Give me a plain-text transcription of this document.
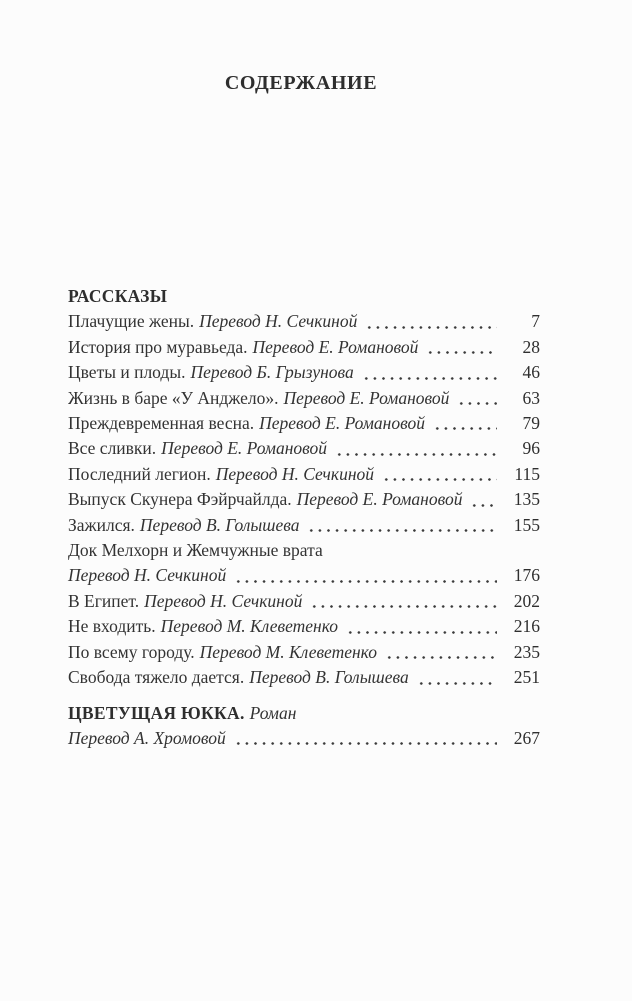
СОДЕРЖАНИЕ
РАССКАЗЫ
Плачущие жены. Перевод Н. Сечкиной	7
История про муравьеда. Перевод Е. Романовой	28
Цветы и плоды. Перевод Б. Грызунова	46
Жизнь в баре «У Анджело». Перевод Е. Романовой	63
Преждевременная весна. Перевод Е. Романовой	79
Все сливки. Перевод Е. Романовой	96
Последний легион. Перевод Н. Сечкиной	115
Выпуск Скунера Фэйрчайлда. Перевод Е. Романовой	135
Зажился. Перевод В. Голышева	155
Док Мелхорн и Жемчужные врата
Перевод Н. Сечкиной	176
В Египет. Перевод Н. Сечкиной	202
Не входить. Перевод М. Клеветенко	216
По всему городу. Перевод М. Клеветенко	235
Свобода тяжело дается. Перевод В. Голышева	251
ЦВЕТУЩАЯ ЮККА. Роман
Перевод А. Хромовой	267
